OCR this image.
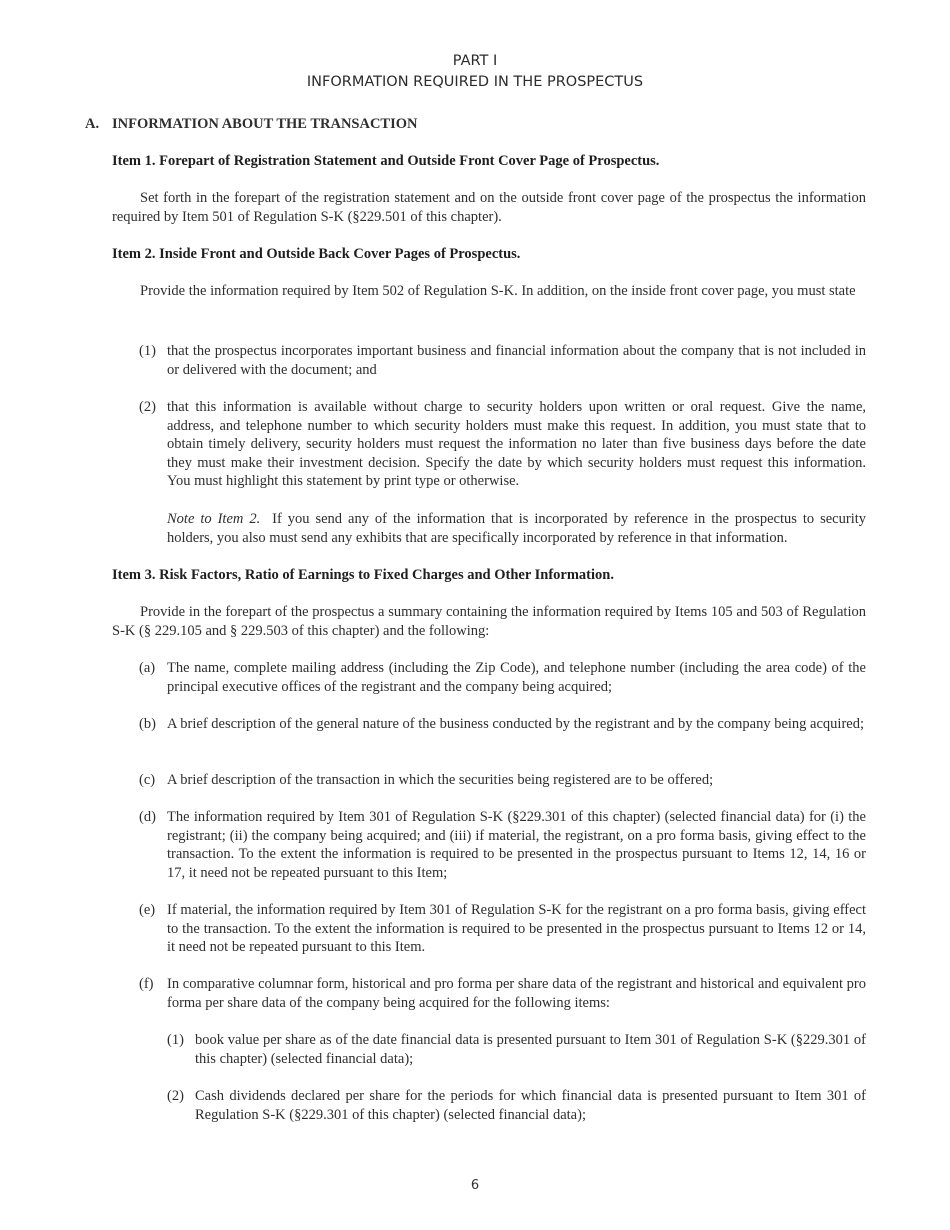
PART I
INFORMATION REQUIRED IN THE PROSPECTUS
A. INFORMATION ABOUT THE TRANSACTION
Item 1. Forepart of Registration Statement and Outside Front Cover Page of Prospectus.
Set forth in the forepart of the registration statement and on the outside front cover page of the prospectus the information required by Item 501 of Regulation S-K (§229.501 of this chapter).
Item 2. Inside Front and Outside Back Cover Pages of Prospectus.
Provide the information required by Item 502 of Regulation S-K. In addition, on the inside front cover page, you must state
(1) that the prospectus incorporates important business and financial information about the company that is not included in or delivered with the document; and
(2) that this information is available without charge to security holders upon written or oral request. Give the name, address, and telephone number to which security holders must make this request. In addition, you must state that to obtain timely delivery, security holders must request the information no later than five business days before the date they must make their investment decision. Specify the date by which security holders must request this information. You must highlight this statement by print type or otherwise.
Note to Item 2. If you send any of the information that is incorporated by reference in the prospectus to security holders, you also must send any exhibits that are specifically incorporated by reference in that information.
Item 3. Risk Factors, Ratio of Earnings to Fixed Charges and Other Information.
Provide in the forepart of the prospectus a summary containing the information required by Items 105 and 503 of Regulation S-K (§ 229.105 and § 229.503 of this chapter) and the following:
(a) The name, complete mailing address (including the Zip Code), and telephone number (including the area code) of the principal executive offices of the registrant and the company being acquired;
(b) A brief description of the general nature of the business conducted by the registrant and by the company being acquired;
(c) A brief description of the transaction in which the securities being registered are to be offered;
(d) The information required by Item 301 of Regulation S-K (§229.301 of this chapter) (selected financial data) for (i) the registrant; (ii) the company being acquired; and (iii) if material, the registrant, on a pro forma basis, giving effect to the transaction. To the extent the information is required to be presented in the prospectus pursuant to Items 12, 14, 16 or 17, it need not be repeated pursuant to this Item;
(e) If material, the information required by Item 301 of Regulation S-K for the registrant on a pro forma basis, giving effect to the transaction. To the extent the information is required to be presented in the prospectus pursuant to Items 12 or 14, it need not be repeated pursuant to this Item.
(f) In comparative columnar form, historical and pro forma per share data of the registrant and historical and equivalent pro forma per share data of the company being acquired for the following items:
(1) book value per share as of the date financial data is presented pursuant to Item 301 of Regulation S-K (§229.301 of this chapter) (selected financial data);
(2) Cash dividends declared per share for the periods for which financial data is presented pursuant to Item 301 of Regulation S-K (§229.301 of this chapter) (selected financial data);
6
